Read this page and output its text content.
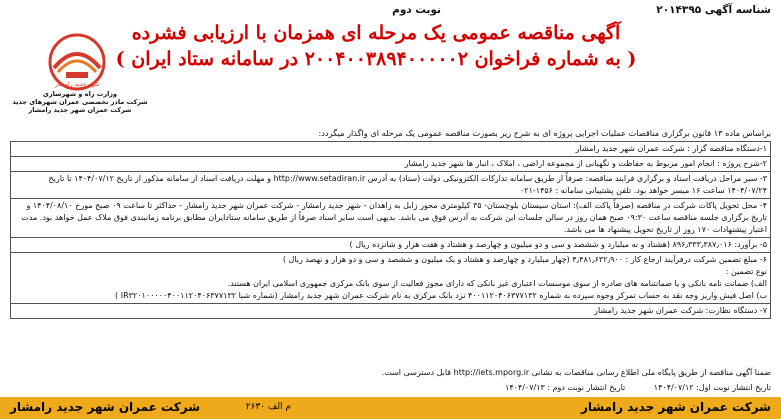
شناسه آگهی ۲۰۱۴۳۹۵
نوبت دوم
آگهی مناقصه عمومی یک مرحله ای همزمان با ارزیابی فشرده
( به شماره فراخوان ۲۰۰۴۰۰۳۸۹۴۰۰۰۰۰۲ در سامانه ستاد ایران )
شهر جدید رامشار
وزارت راه و شهرسازی
شرکت مادر تخصصی عمران شهرهای جدید
شرکت عمران شهر جدید رامشار
براساس ماده ۱۳ قانون برگزاری مناقصات عملیات اجرایی پروژه ای به شرح زیر بصورت مناقصه عمومی یک مرحله ای واگذار میگردد:
۱-دستگاه مناقصه گزار : شرکت عمران شهر جدید رامشار
۲-شرح پروژه : انجام امور مربوط به حفاظت و نگهبانی از مجموعه اراضی ، املاک ، انبار ها شهر جدید رامشار
۳- سیر مراحل دریافت اسناد و برگزاری فرایند مناقصه: صرفاً از طریق سامانه تدارکات الکترونیکی دولت (ستاد) به آدرس http://www.setadiran.ir و مهلت دریافت اسناد از سامانه مذکور از تاریخ ۱۴۰۴/۰۷/۱۲ تا تاریخ ۱۴۰۴/۰۷/۲۴ ساعت ۱۶ میسر خواهد بود. تلفن پشتیبانی سامانه : ۱۴۵۶-۰۲۱
۴- محل تحویل پاکات شرکت در مناقصه (صرفاً پاکت الف): استان سیستان بلوچستان- ۳۵ کیلومتری محور زابل به زاهدان - شهر جدید رامشار - شرکت عمران شهر جدید رامشار - حداکثر تا ساعت ۰۹ صبح مورخ ۱۴۰۴/۰۸/۱۰ و تاریخ برگزاری جلسه مناقصه ساعت ۰۹:۳۰ صبح همان روز در سالن جلسات این شرکت به آدرس فوق می باشد. بدیهی است سایر اسناد صرفاً از طریق سامانه ستادایران مطابق برنامه زمانبندی فوق ملاک عمل خواهد بود. مدت اعتبار پیشنهادات ۱۷۰ روز از تاریخ تحویل پیشنهاد ها می باشد.
۵- برآورد: ۸۹۶٫۳۳۳٫۳۸۷٫۰۱۶ (هشتاد و نه میلیارد و ششصد و سی و دو میلیون و چهارصد و هشتاد و هفت هزار و شانزده ریال )
۶- مبلغ تضمین شرکت درفرآیند ارجاع کار : ۴٫۴۸۱٫۶۳۲٫۹۰۰ (چهار میلیارد و چهارصد و هشتاد و یک میلیون و ششصد و سی و دو هزار و نهصد ریال )
نوع تضمین :
الف) ضمانت نامه بانکی و یا ضمانتنامه های صادره از سوی موسسات اعتباری غیر بانکی که دارای مجوز فعالیت از سوی بانک مرکزی جمهوری اسلامی ایران هستند.
ب) اصل فیش واریز وجه نقد به حساب تمرکز وجوه سپرده به شماره ۴۰۰۱۱۲۰۴۰۶۳۷۷۱۳۲ نزد بانک مرکزی به نام شرکت عمران شهر جدید رامشار (شماره شبا IR۳۲۰۱۰۰۰۰۰۴۰۰۱۱۲۰۴۰۶۳۷۷۱۳۲ )
۷- دستگاه نظارت: شرکت عمران شهر جدید رامشار
ضمنا آگهی مناقصه از طریق پایگاه ملی اطلاع رسانی مناقصات به نشانی http://iets.mporg.ir قابل دسترسی است.
تاریخ انتشار نوبت اول: ۱۴۰۴/۰۷/۱۲ تاریخ انتشار نوبت دوم : ۱۴۰۴/۰۷/۱۳
شرکت عمران شهر جدید رامشار
م الف ۲۶۳۰
شرکت عمران شهر جدید رامشار
